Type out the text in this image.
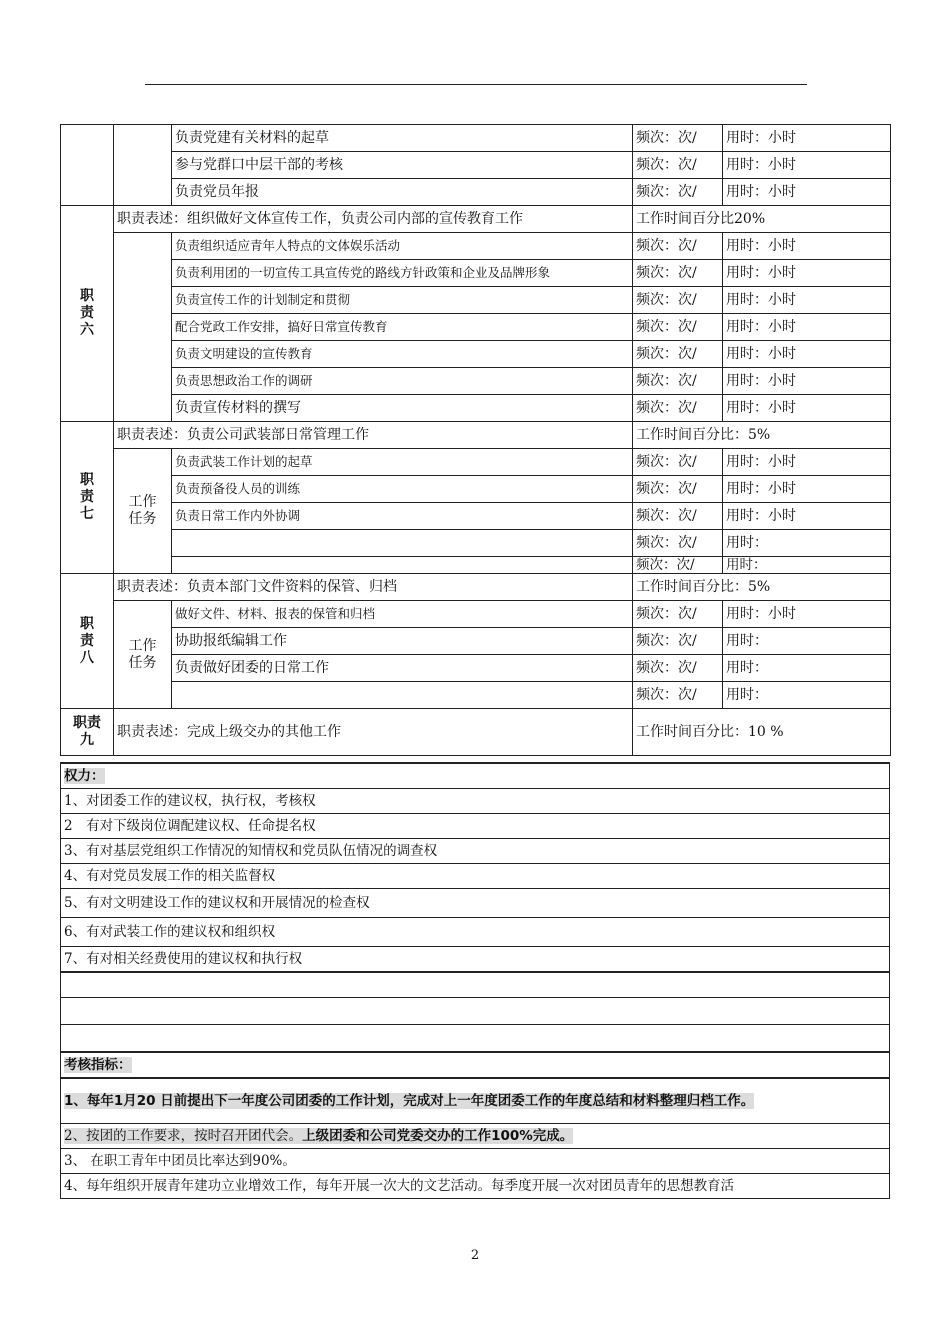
		负责党建有关材料的起草	频次：次/	用时：小时
		参与党群口中层干部的考核	频次：次/	用时：小时
		负责党员年报	频次：次/	用时：小时
职责六	职责表述：组织做好文体宣传工作，负责公司内部的宣传教育工作		工作时间百分比20%	
		负责组织适应青年人特点的文体娱乐活动	频次：次/	用时：小时
		负责利用团的一切宣传工具宣传党的路线方针政策和企业及品牌形象	频次：次/	用时：小时
		负责宣传工作的计划制定和贯彻	频次：次/	用时：小时
		配合党政工作安排，搞好日常宣传教育	频次：次/	用时：小时
		负责文明建设的宣传教育	频次：次/	用时：小时
		负责思想政治工作的调研	频次：次/	用时：小时
		负责宣传材料的撰写	频次：次/	用时：小时
职责七	职责表述：负责公司武装部日常管理工作		工作时间百分比：5%	
	工作任务	负责武装工作计划的起草	频次：次/	用时：小时
		负责预备役人员的训练	频次：次/	用时：小时
		负责日常工作内外协调	频次：次/	用时：小时
			频次：次/	用时：
			频次：次/	用时：
职责八	职责表述：负责本部门文件资料的保管、归档		工作时间百分比：5%	
	工作任务	做好文件、材料、报表的保管和归档	频次：次/	用时：小时
		协助报纸编辑工作	频次：次/	用时：
		负责做好团委的日常工作	频次：次/	用时：
			频次：次/	用时：
职责九	职责表述：完成上级交办的其他工作		工作时间百分比：10 %	
权力：
1、对团委工作的建议权，执行权，考核权
2　有对下级岗位调配建议权、任命提名权
3、有对基层党组织工作情况的知情权和党员队伍情况的调查权
4、有对党员发展工作的相关监督权
5、有对文明建设工作的建议权和开展情况的检查权
6、有对武装工作的建议权和组织权
7、有对相关经费使用的建议权和执行权

考核指标：
1、每年1月20 日前提出下一年度公司团委的工作计划，完成对上一年度团委工作的年度总结和材料整理归档工作。
2、按团的工作要求，按时召开团代会。上级团委和公司党委交办的工作100%完成。
3、 在职工青年中团员比率达到90%。
4、每年组织开展青年建功立业增效工作，每年开展一次大的文艺活动。每季度开展一次对团员青年的思想教育活
2
